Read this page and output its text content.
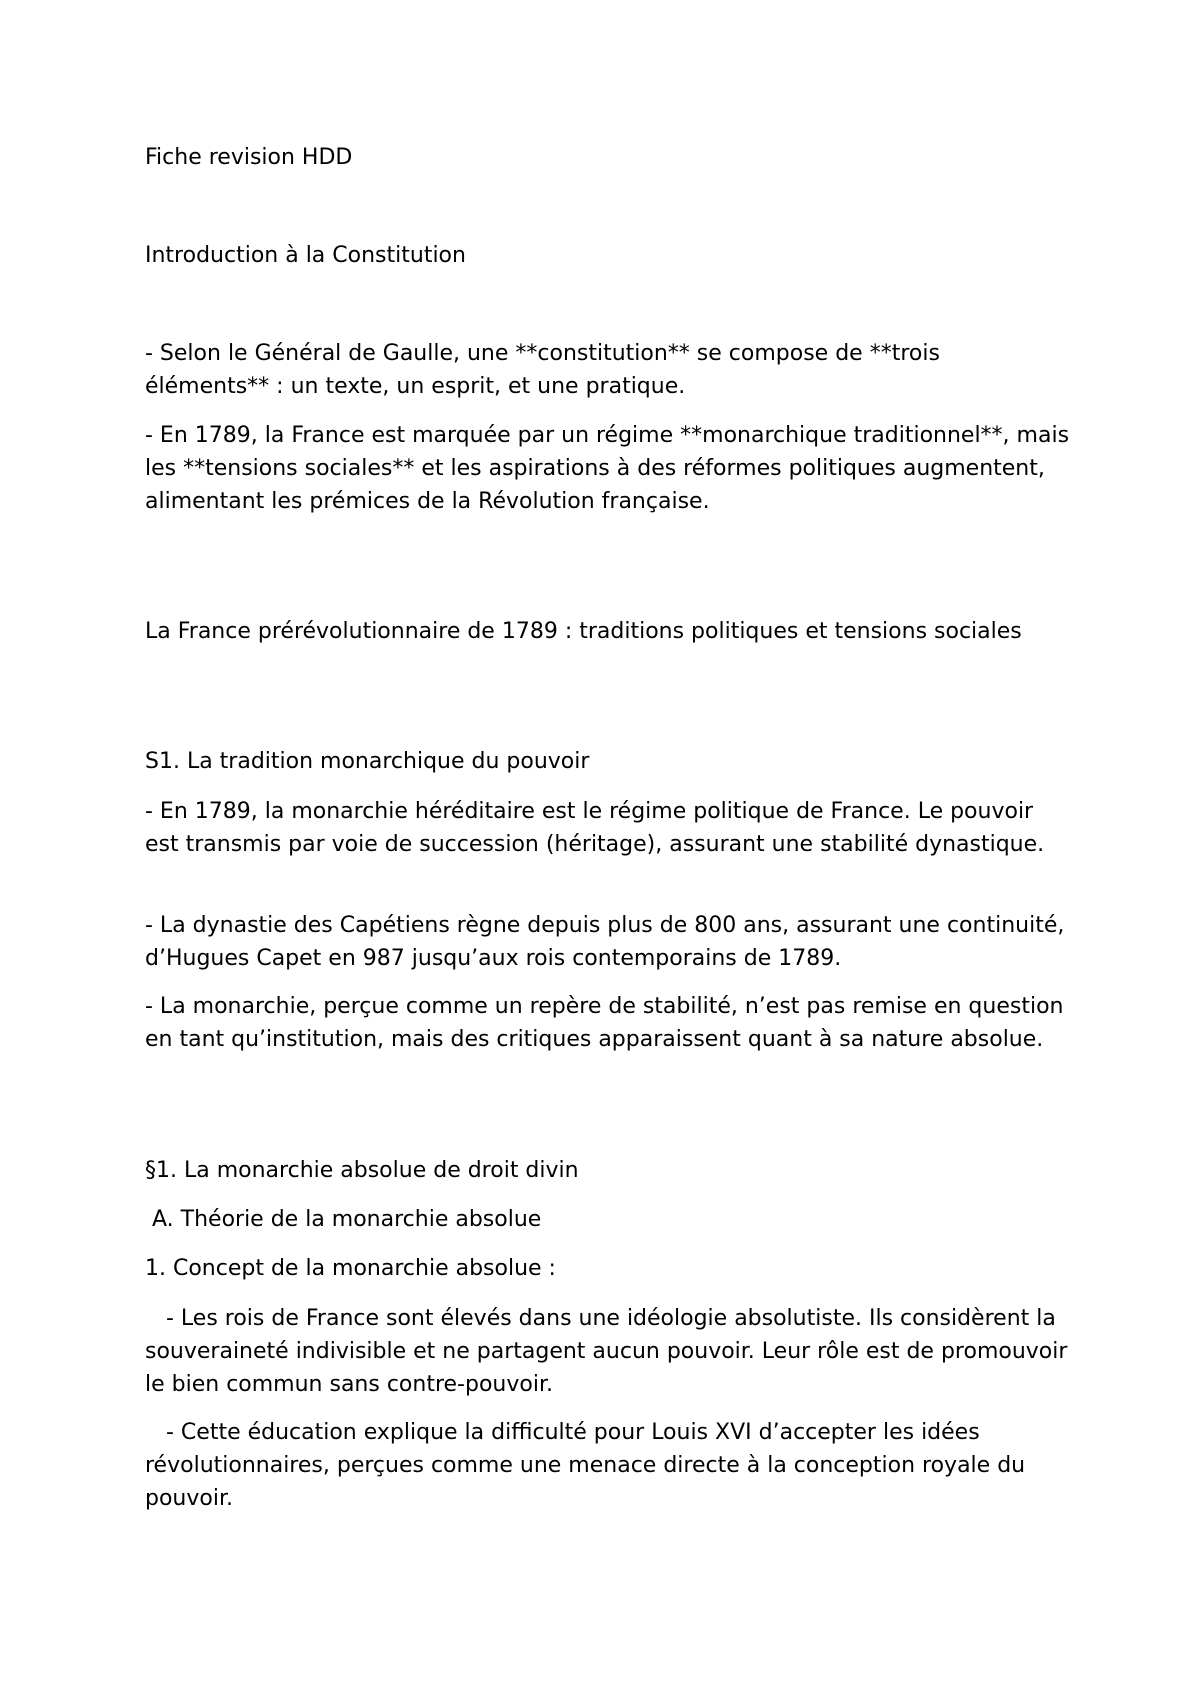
Fiche revision HDD

Introduction à la Constitution

- Selon le Général de Gaulle, une **constitution** se compose de **trois éléments** : un texte, un esprit, et une pratique.

- En 1789, la France est marquée par un régime **monarchique traditionnel**, mais les **tensions sociales** et les aspirations à des réformes politiques augmentent, alimentant les prémices de la Révolution française.

La France prérévolutionnaire de 1789 : traditions politiques et tensions sociales

S1. La tradition monarchique du pouvoir

- En 1789, la monarchie héréditaire est le régime politique de France. Le pouvoir est transmis par voie de succession (héritage), assurant une stabilité dynastique.

- La dynastie des Capétiens règne depuis plus de 800 ans, assurant une continuité, d’Hugues Capet en 987 jusqu’aux rois contemporains de 1789.

- La monarchie, perçue comme un repère de stabilité, n’est pas remise en question en tant qu’institution, mais des critiques apparaissent quant à sa nature absolue.

§1. La monarchie absolue de droit divin

A. Théorie de la monarchie absolue

1. Concept de la monarchie absolue :

- Les rois de France sont élevés dans une idéologie absolutiste. Ils considèrent la souveraineté indivisible et ne partagent aucun pouvoir. Leur rôle est de promouvoir le bien commun sans contre-pouvoir.

- Cette éducation explique la difficulté pour Louis XVI d’accepter les idées révolutionnaires, perçues comme une menace directe à la conception royale du pouvoir.
